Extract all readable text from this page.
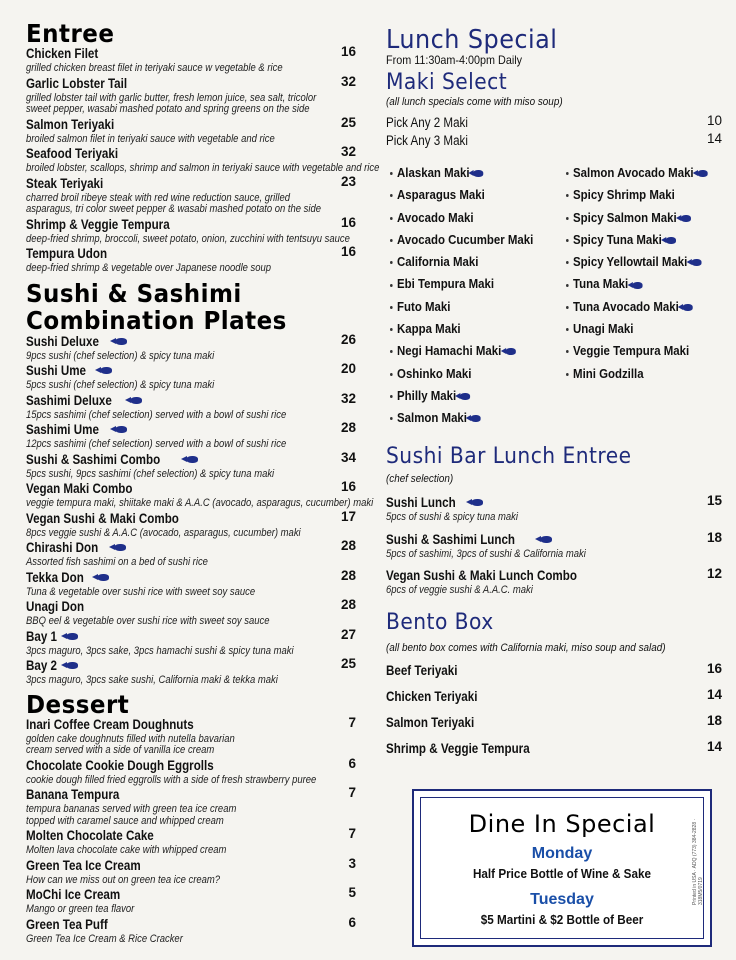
Entree
Chicken Filet	16
grilled chicken breast filet in teriyaki sauce w vegetable & rice
Garlic Lobster Tail	32
grilled lobster tail with garlic butter, fresh lemon juice, sea salt, tricolor
sweet pepper, wasabi mashed potato and spring greens on the side
Salmon Teriyaki	25
broiled salmon filet in teriyaki sauce with vegetable and rice
Seafood Teriyaki	32
broiled lobster, scallops, shrimp and salmon in teriyaki sauce with vegetable and rice
Steak Teriyaki	23
charred broil ribeye steak with red wine reduction sauce, grilled
asparagus, tri color sweet pepper & wasabi mashed potato on the side
Shrimp & Veggie Tempura	16
deep-fried shrimp, broccoli, sweet potato, onion, zucchini with tentsuyu sauce
Tempura Udon	16
deep-fried shrimp & vegetable over Japanese noodle soup
Sushi & Sashimi
Combination Plates
Sushi Deluxe	26
9pcs sushi (chef selection) & spicy tuna maki
Sushi Ume	20
5pcs sushi (chef selection) & spicy tuna maki
Sashimi Deluxe	32
15pcs sashimi (chef selection) served with a bowl of sushi rice
Sashimi Ume	28
12pcs sashimi (chef selection) served with a bowl of sushi rice
Sushi & Sashimi Combo	34
5pcs sushi, 9pcs sashimi (chef selection) & spicy tuna maki
Vegan Maki Combo	16
veggie tempura maki, shiitake maki & A.A.C (avocado, asparagus, cucumber) maki
Vegan Sushi & Maki Combo	17
8pcs veggie sushi & A.A.C (avocado, asparagus, cucumber) maki
Chirashi Don	28
Assorted fish sashimi on a bed of sushi rice
Tekka Don	28
Tuna & vegetable over sushi rice with sweet soy sauce
Unagi Don	28
BBQ eel & vegetable over sushi rice with sweet soy sauce
Bay 1	27
3pcs maguro, 3pcs sake, 3pcs hamachi sushi & spicy tuna maki
Bay 2	25
3pcs maguro, 3pcs sake sushi, California maki & tekka maki
Dessert
Inari Coffee Cream Doughnuts	7
golden cake doughnuts filled with nutella bavarian
cream served with a side of vanilla ice cream
Chocolate Cookie Dough Eggrolls	6
cookie dough filled fried eggrolls with a side of fresh strawberry puree
Banana Tempura	7
tempura bananas served with green tea ice cream
topped with caramel sauce and whipped cream
Molten Chocolate Cake	7
Molten lava chocolate cake with whipped cream
Green Tea Ice Cream	3
How can we miss out on green tea ice cream?
MoChi Ice Cream	5
Mango or green tea flavor
Green Tea Puff	6
Green Tea Ice Cream & Rice Cracker
Lunch Special
From 11:30am-4:00pm Daily
Maki Select
(all lunch specials come with miso soup)
Pick Any 2 Maki	10
Pick Any 3 Maki	14
Alaskan Maki
Asparagus Maki
Avocado Maki
Avocado Cucumber Maki
California Maki
Ebi Tempura Maki
Futo Maki
Kappa Maki
Negi Hamachi Maki
Oshinko Maki
Philly Maki
Salmon Maki
Salmon Avocado Maki
Spicy Shrimp Maki
Spicy Salmon Maki
Spicy Tuna Maki
Spicy Yellowtail Maki
Tuna Maki
Tuna Avocado Maki
Unagi Maki
Veggie Tempura Maki
Mini Godzilla
Sushi Bar Lunch Entree
(chef selection)
Sushi Lunch	15
5pcs of sushi & spicy tuna maki
Sushi & Sashimi Lunch	18
5pcs of sashimi, 3pcs of sushi & California maki
Vegan Sushi & Maki Lunch Combo	12
6pcs of veggie sushi & A.A.C. maki
Bento Box
(all bento box comes with California maki, miso soup and salad)
Beef Teriyaki	16
Chicken Teriyaki	14
Salmon Teriyaki	18
Shrimp & Veggie Tempura	14
Dine In Special
Monday
Half Price Bottle of Wine & Sake
Tuesday
$5 Martini & $2 Bottle of Beer
Printed in USA · ADQ (773) 384-2828 · 318M5/0719
